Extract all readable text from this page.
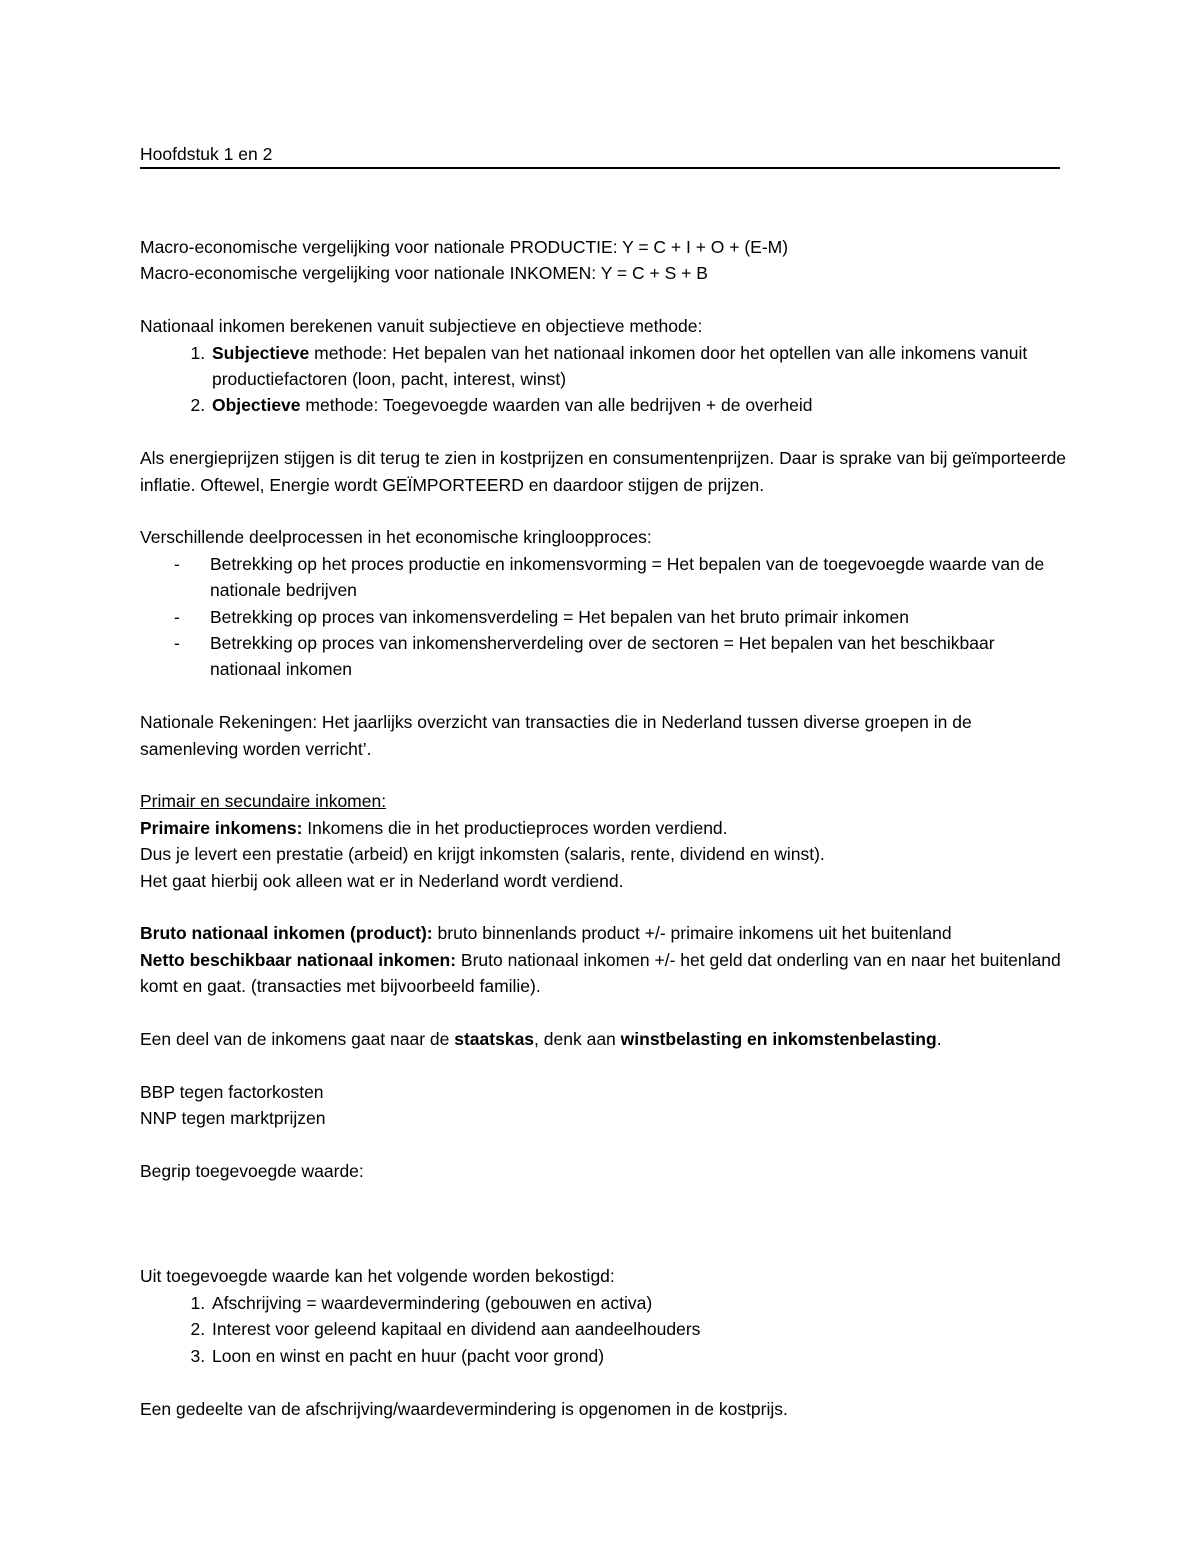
Hoofdstuk 1 en 2

Macro-economische vergelijking voor nationale PRODUCTIE: Y = C + I + O + (E-M)

Macro-economische vergelijking voor nationale INKOMEN: Y = C + S + B

Nationaal inkomen berekenen vanuit subjectieve en objectieve methode:

1. Subjectieve methode: Het bepalen van het nationaal inkomen door het optellen van alle inkomens vanuit productiefactoren (loon, pacht, interest, winst)
2. Objectieve methode: Toegevoegde waarden van alle bedrijven + de overheid

Als energieprijzen stijgen is dit terug te zien in kostprijzen en consumentenprijzen. Daar is sprake van bij geïmporteerde inflatie. Oftewel, Energie wordt GEÏMPORTEERD en daardoor stijgen de prijzen.

Verschillende deelprocessen in het economische kringloopproces:

- Betrekking op het proces productie en inkomensvorming = Het bepalen van de toegevoegde waarde van de nationale bedrijven
- Betrekking op proces van inkomensverdeling = Het bepalen van het bruto primair inkomen
- Betrekking op proces van inkomensherverdeling over de sectoren = Het bepalen van het beschikbaar nationaal inkomen

Nationale Rekeningen: Het jaarlijks overzicht van transacties die in Nederland tussen diverse groepen in de samenleving worden verricht’.

Primair en secundaire inkomen:

Primaire inkomens: Inkomens die in het productieproces worden verdiend.

Dus je levert een prestatie (arbeid) en krijgt inkomsten (salaris, rente, dividend en winst).

Het gaat hierbij ook alleen wat er in Nederland wordt verdiend.

Bruto nationaal inkomen (product): bruto binnenlands product +/- primaire inkomens uit het buitenland

Netto beschikbaar nationaal inkomen: Bruto nationaal inkomen +/- het geld dat onderling van en naar het buitenland komt en gaat. (transacties met bijvoorbeeld familie).

Een deel van de inkomens gaat naar de staatskas, denk aan winstbelasting en inkomstenbelasting.

BBP tegen factorkosten

NNP tegen marktprijzen

Begrip toegevoegde waarde:

Uit toegevoegde waarde kan het volgende worden bekostigd:

1. Afschrijving = waardevermindering (gebouwen en activa)
2. Interest voor geleend kapitaal en dividend aan aandeelhouders
3. Loon en winst en pacht en huur (pacht voor grond)

Een gedeelte van de afschrijving/waardevermindering is opgenomen in de kostprijs.
